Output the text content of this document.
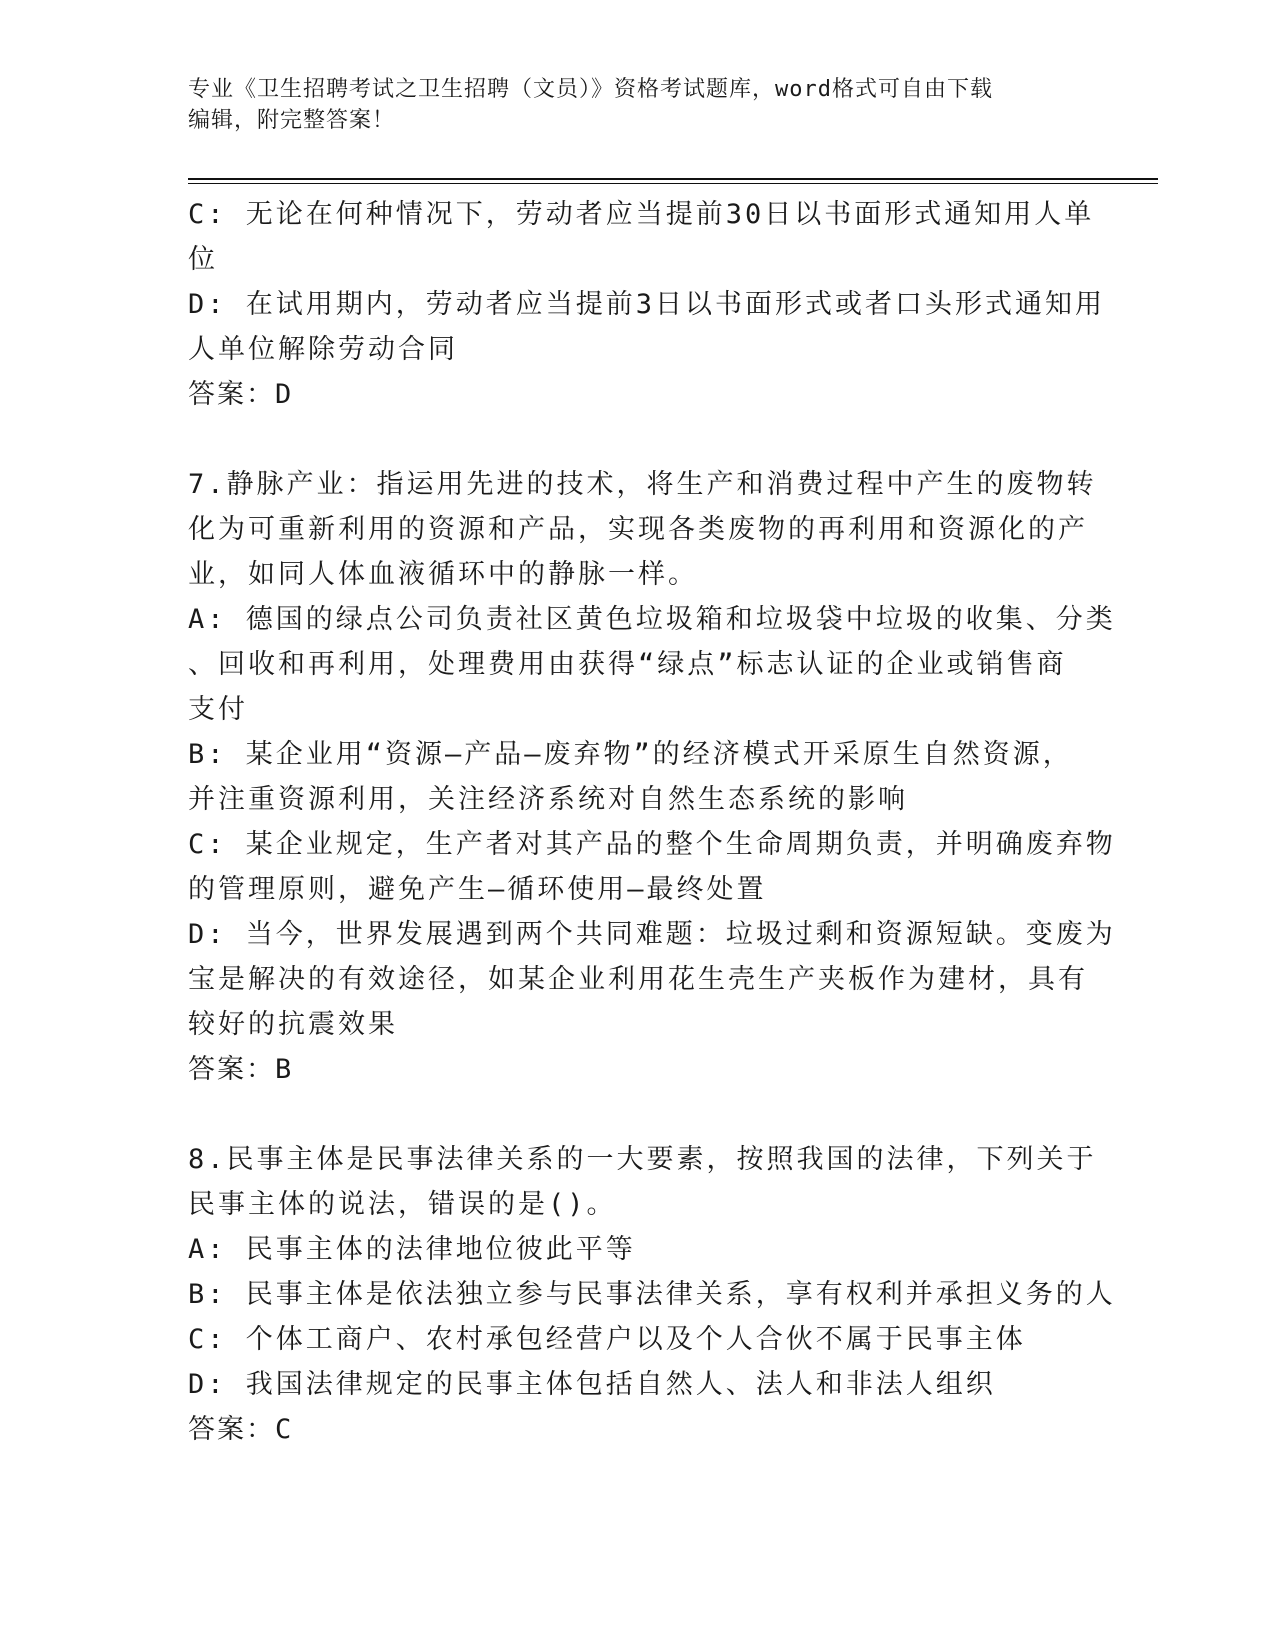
专业《卫生招聘考试之卫生招聘（文员）》资格考试题库，word格式可自由下载
编辑，附完整答案！

C: 无论在何种情况下，劳动者应当提前30日以书面形式通知用人单

位

D: 在试用期内，劳动者应当提前3日以书面形式或者口头形式通知用

人单位解除劳动合同

答案：D

7.静脉产业：指运用先进的技术，将生产和消费过程中产生的废物转

化为可重新利用的资源和产品，实现各类废物的再利用和资源化的产

业，如同人体血液循环中的静脉一样。

A: 德国的绿点公司负责社区黄色垃圾箱和垃圾袋中垃圾的收集、分类

、回收和再利用，处理费用由获得“绿点”标志认证的企业或销售商

支付

B: 某企业用“资源—产品—废弃物”的经济模式开采原生自然资源，

并注重资源利用，关注经济系统对自然生态系统的影响

C: 某企业规定，生产者对其产品的整个生命周期负责，并明确废弃物

的管理原则，避免产生—循环使用—最终处置

D: 当今，世界发展遇到两个共同难题：垃圾过剩和资源短缺。变废为

宝是解决的有效途径，如某企业利用花生壳生产夹板作为建材，具有

较好的抗震效果

答案：B

8.民事主体是民事法律关系的一大要素，按照我国的法律，下列关于

民事主体的说法，错误的是()。

A: 民事主体的法律地位彼此平等

B: 民事主体是依法独立参与民事法律关系，享有权利并承担义务的人

C: 个体工商户、农村承包经营户以及个人合伙不属于民事主体

D: 我国法律规定的民事主体包括自然人、法人和非法人组织

答案：C
